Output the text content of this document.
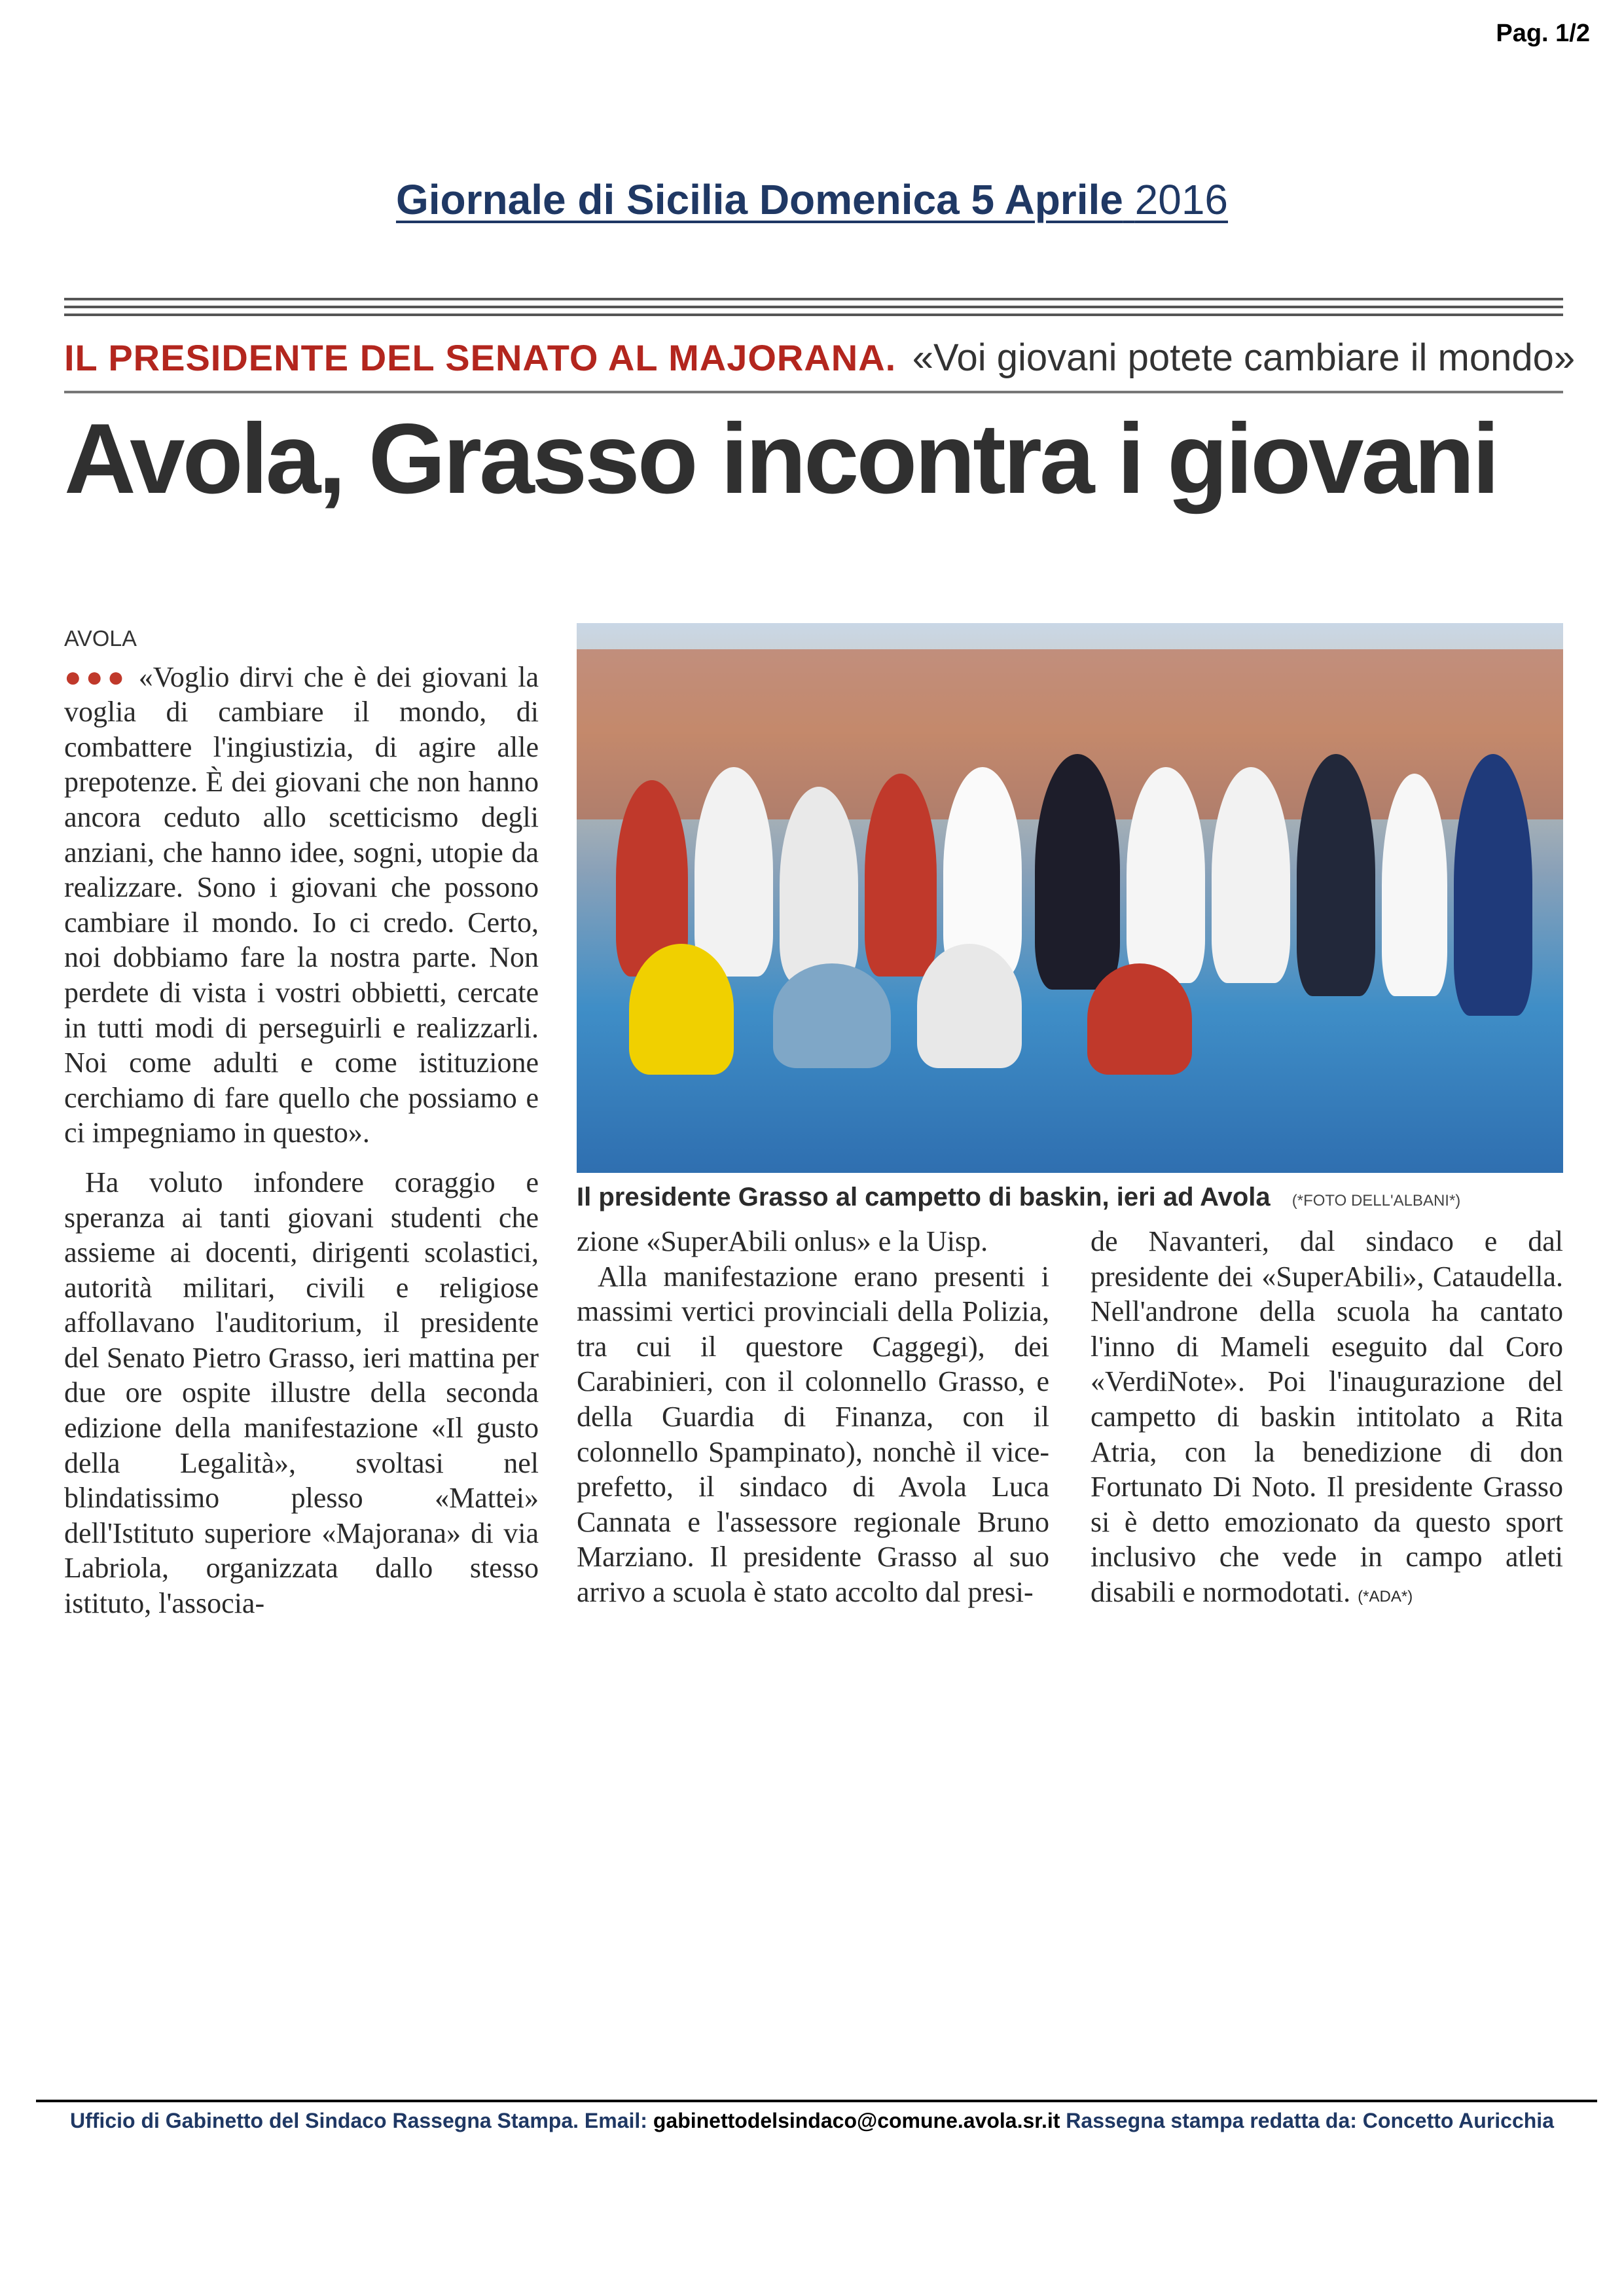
Pag. 1/2
Giornale di Sicilia Domenica 5 Aprile 2016
IL PRESIDENTE DEL SENATO AL MAJORANA. «Voi giovani potete cambiare il mondo»
Avola, Grasso incontra i giovani
AVOLA
●●● «Voglio dirvi che è dei giovani la voglia di cambiare il mondo, di combattere l'ingiustizia, di agire alle prepotenze. È dei giovani che non hanno ancora ceduto allo scetticismo degli anziani, che hanno idee, sogni, utopie da realizzare. Sono i giovani che possono cambiare il mondo. Io ci credo. Certo, noi dobbiamo fare la nostra parte. Non perdete di vista i vostri obbietti, cercate in tutti modi di perseguirli e realizzarli. Noi come adulti e come istituzione cerchiamo di fare quello che possiamo e ci impegniamo in questo».
Ha voluto infondere coraggio e speranza ai tanti giovani studenti che assieme ai docenti, dirigenti scolastici, autorità militari, civili e religiose affollavano l'auditorium, il presidente del Senato Pietro Grasso, ieri mattina per due ore ospite illustre della seconda edizione della manifestazione «Il gusto della Legalità», svoltasi nel blindatissimo plesso «Mattei» dell'Istituto superiore «Majorana» di via Labriola, organizzata dallo stesso istituto, l'associa-
Il presidente Grasso al campetto di baskin, ieri ad Avola (*FOTO DELL'ALBANI*)
zione «SuperAbili onlus» e la Uisp.
Alla manifestazione erano presenti i massimi vertici provinciali della Polizia, tra cui il questore Caggegi), dei Carabinieri, con il colonnello Grasso, e della Guardia di Finanza, con il colonnello Spampinato), nonchè il vice-prefetto, il sindaco di Avola Luca Cannata e l'assessore regionale Bruno Marziano. Il presidente Grasso al suo arrivo a scuola è stato accolto dal presi-
de Navanteri, dal sindaco e dal presidente dei «SuperAbili», Cataudella. Nell'androne della scuola ha cantato l'inno di Mameli eseguito dal Coro «VerdiNote». Poi l'inaugurazione del campetto di baskin intitolato a Rita Atria, con la benedizione di don Fortunato Di Noto. Il presidente Grasso si è detto emozionato da questo sport inclusivo che vede in campo atleti disabili e normodotati. (*ADA*)
Ufficio di Gabinetto del Sindaco Rassegna Stampa. Email: gabinettodelsindaco@comune.avola.sr.it Rassegna stampa redatta da: Concetto Auricchia
